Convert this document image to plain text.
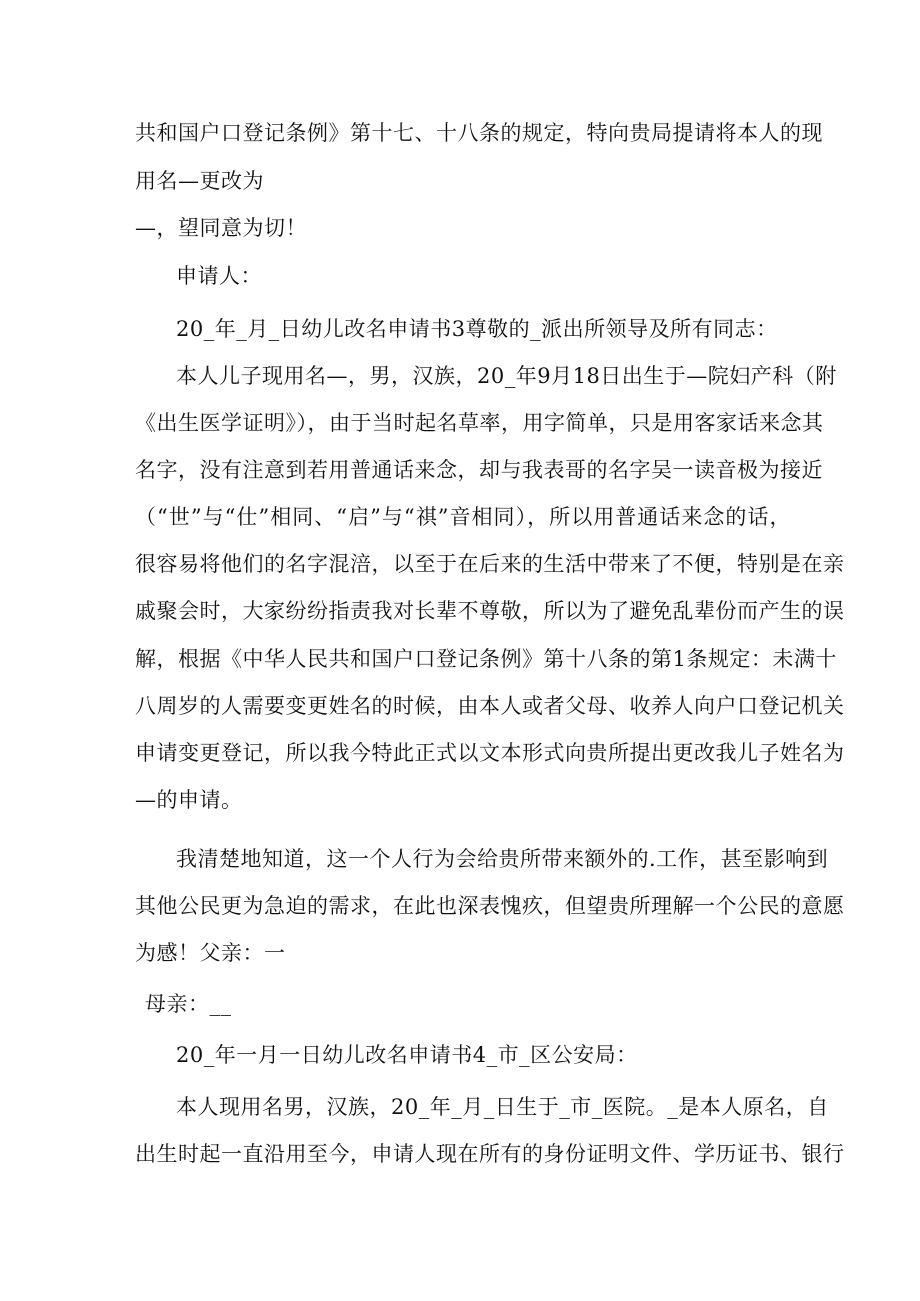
共和国户口登记条例》第十七、十八条的规定，特向贵局提请将本人的现
用名—更改为
—，望同意为切！
申请人：
20_年_月_日幼儿改名申请书3尊敬的_派出所领导及所有同志：
本人儿子现用名—，男，汉族，20_年9月18日出生于—院妇产科（附
《出生医学证明》），由于当时起名草率，用字简单，只是用客家话来念其
名字，没有注意到若用普通话来念，却与我表哥的名字吴一读音极为接近
（“世”与“仕”相同、“启”与“祺”音相同），所以用普通话来念的话，
很容易将他们的名字混涪，以至于在后来的生活中带来了不便，特别是在亲
戚聚会时，大家纷纷指责我对长辈不尊敬，所以为了避免乱辈份而产生的误
解，根据《中华人民共和国户口登记条例》第十八条的第1条规定：未满十
八周岁的人需要变更姓名的时候，由本人或者父母、收养人向户口登记机关
申请变更登记，所以我今特此正式以文本形式向贵所提出更改我儿子姓名为
—的申请。
我清楚地知道，这一个人行为会给贵所带来额外的.工作，甚至影响到
其他公民更为急迫的需求，在此也深表愧疚，但望贵所理解一个公民的意愿
为感！父亲：一
母亲：__
20_年一月一日幼儿改名申请书4_市_区公安局：
本人现用名男，汉族，20_年_月_日生于_市_医院。_是本人原名，自
出生时起一直沿用至今，申请人现在所有的身份证明文件、学历证书、银行
